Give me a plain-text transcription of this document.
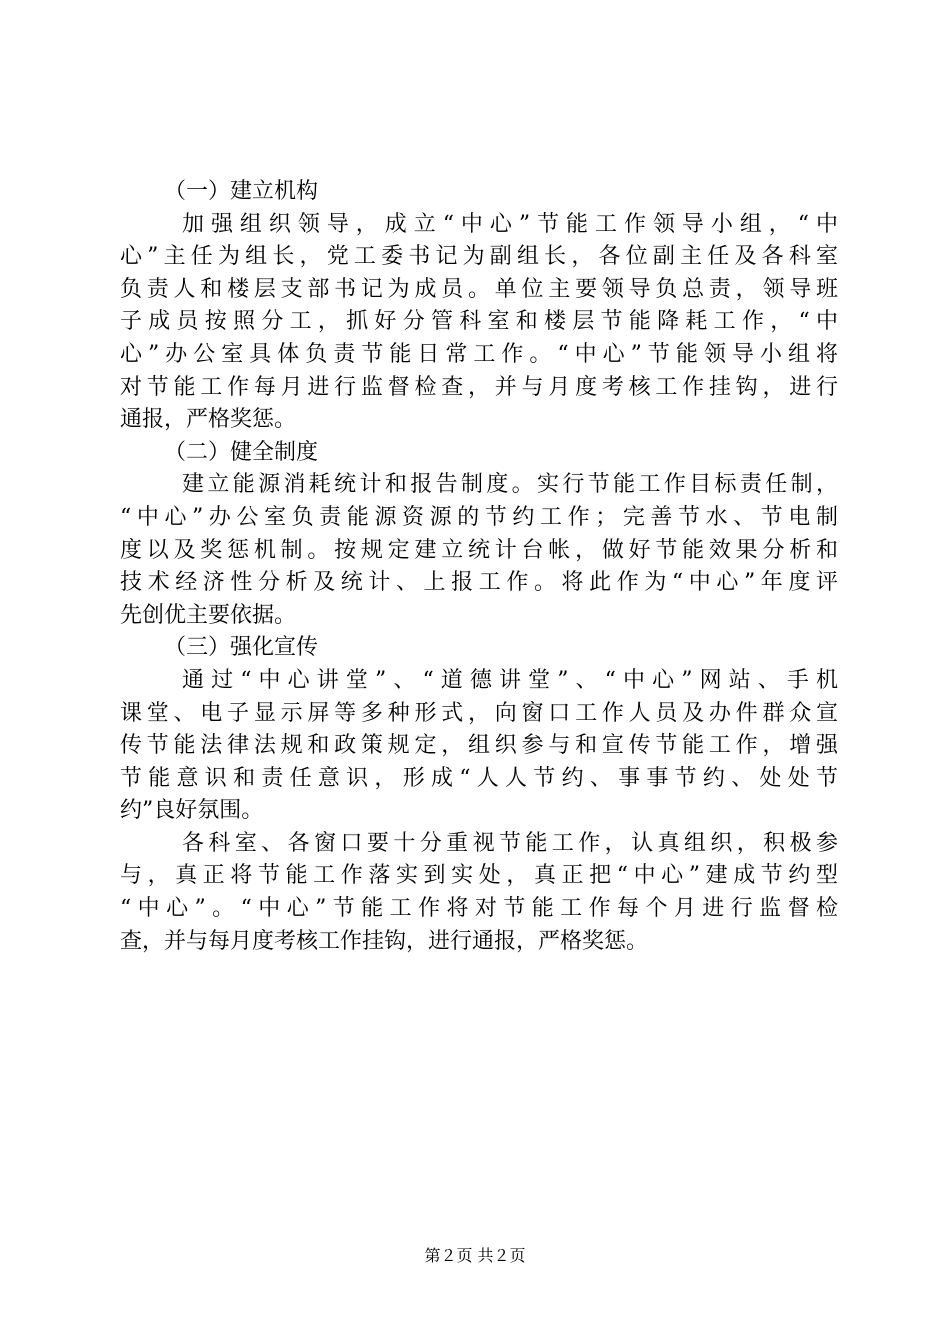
（一）建立机构
加强组织领导，成立“中心”节能工作领导小组，“中
心”主任为组长，党工委书记为副组长，各位副主任及各科室
负责人和楼层支部书记为成员。单位主要领导负总责，领导班
子成员按照分工，抓好分管科室和楼层节能降耗工作，“中
心”办公室具体负责节能日常工作。“中心”节能领导小组将
对节能工作每月进行监督检查，并与月度考核工作挂钩，进行
通报，严格奖惩。
（二）健全制度
建立能源消耗统计和报告制度。实行节能工作目标责任制，
“中心”办公室负责能源资源的节约工作；完善节水、节电制
度以及奖惩机制。按规定建立统计台帐，做好节能效果分析和
技术经济性分析及统计、上报工作。将此作为“中心”年度评
先创优主要依据。
（三）强化宣传
通过“中心讲堂”、“道德讲堂”、“中心”网站、手机
课堂、电子显示屏等多种形式，向窗口工作人员及办件群众宣
传节能法律法规和政策规定，组织参与和宣传节能工作，增强
节能意识和责任意识，形成“人人节约、事事节约、处处节
约”良好氛围。
各科室、各窗口要十分重视节能工作，认真组织，积极参
与，真正将节能工作落实到实处，真正把“中心”建成节约型
“中心”。“中心”节能工作将对节能工作每个月进行监督检
查，并与每月度考核工作挂钩，进行通报，严格奖惩。
第２页 共２页
